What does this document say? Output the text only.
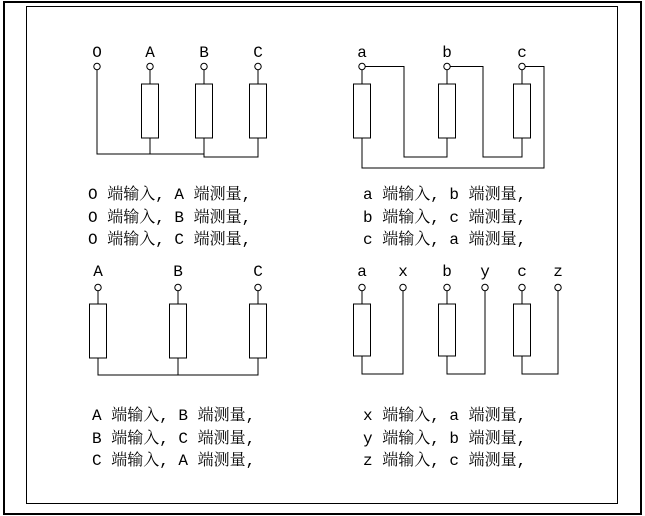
O	A	B	C	a	b	c
A	B	C	a x b y c z
O 端输入, A 端测量,
O 端输入, B 端测量,
O 端输入, C 端测量,
a 端输入, b 端测量,
b 端输入, c 端测量,
c 端输入, a 端测量,
A 端输入, B 端测量,
B 端输入, C 端测量,
C 端输入, A 端测量,
x 端输入, a 端测量,
y 端输入, b 端测量,
z 端输入, c 端测量,
